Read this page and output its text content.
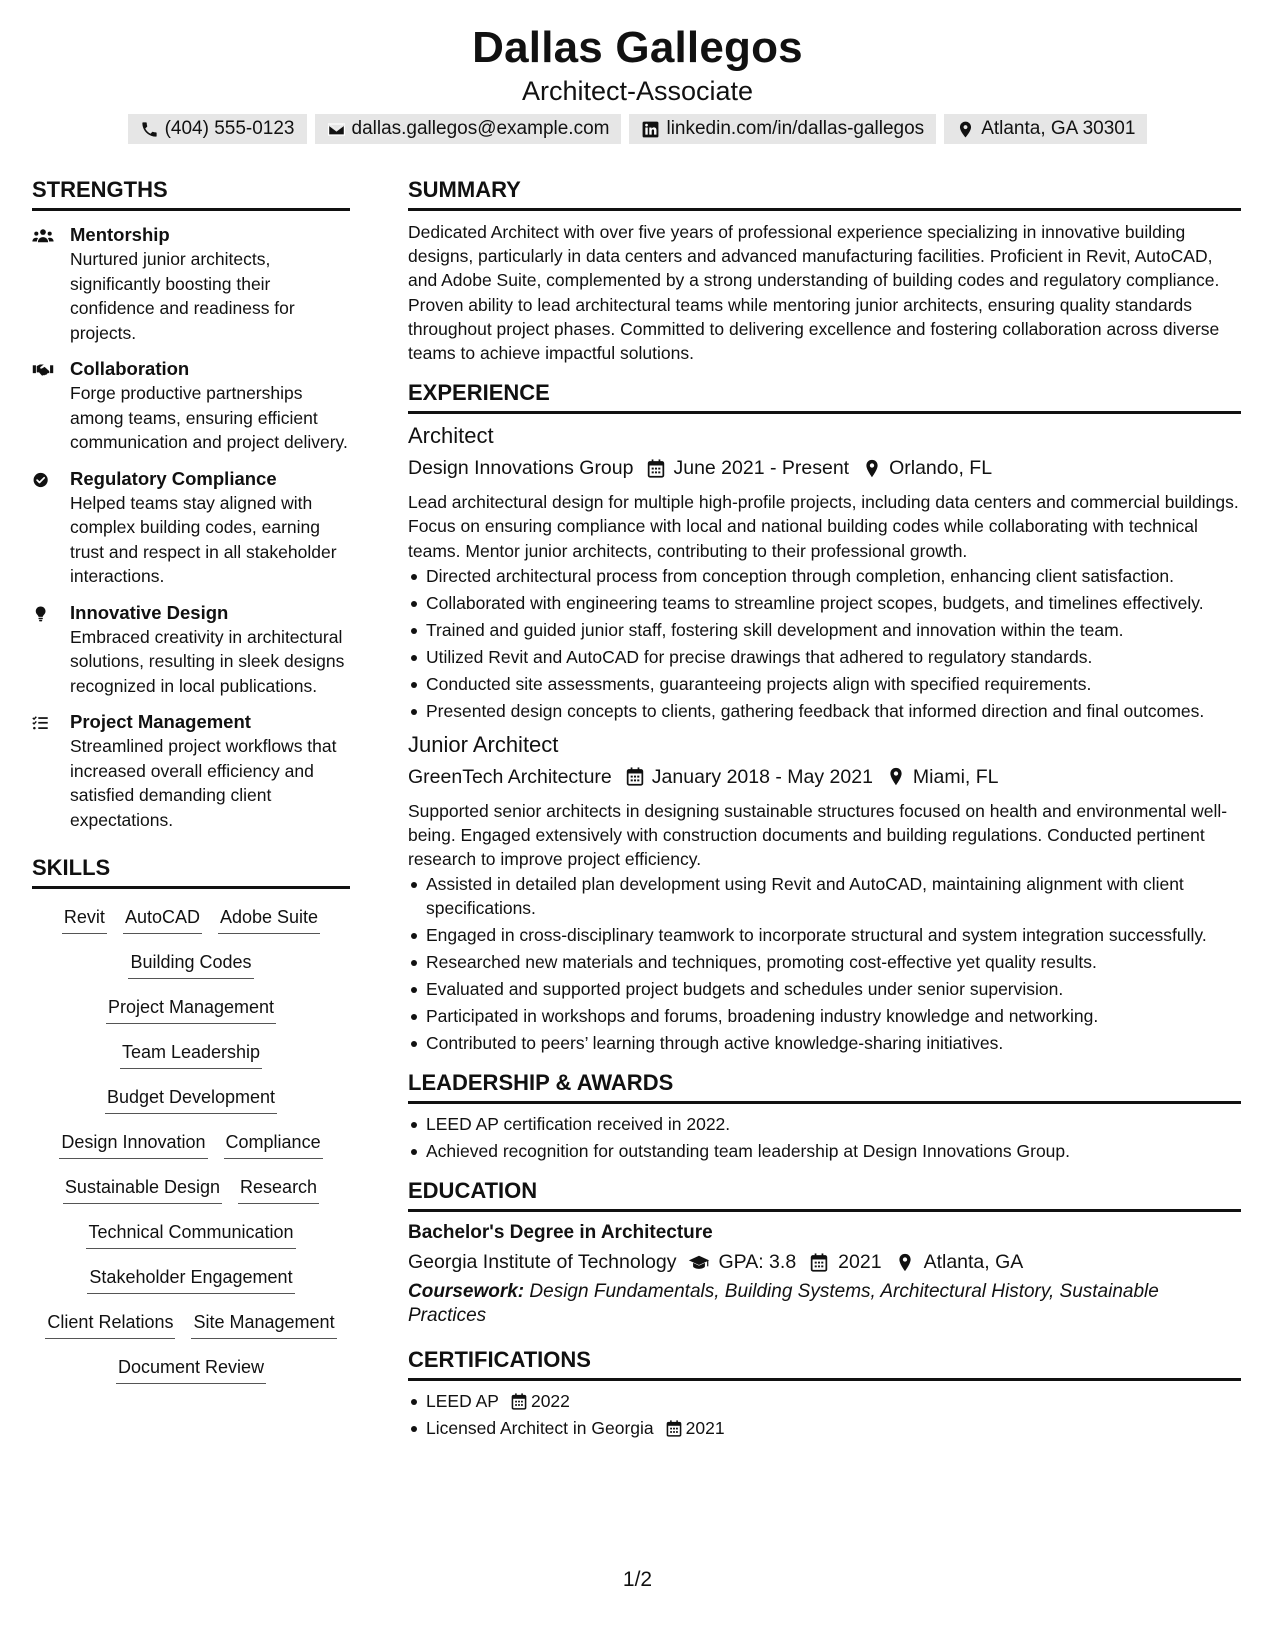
Dallas Gallegos
Architect-Associate
(404) 555-0123	dallas.gallegos@example.com	linkedin.com/in/dallas-gallegos	Atlanta, GA 30301
STRENGTHS
Mentorship
Nurtured junior architects, significantly boosting their confidence and readiness for projects.
Collaboration
Forge productive partnerships among teams, ensuring efficient communication and project delivery.
Regulatory Compliance
Helped teams stay aligned with complex building codes, earning trust and respect in all stakeholder interactions.
Innovative Design
Embraced creativity in architectural solutions, resulting in sleek designs recognized in local publications.
Project Management
Streamlined project workflows that increased overall efficiency and satisfied demanding client expectations.
SKILLS
Revit AutoCAD Adobe Suite
Building Codes
Project Management
Team Leadership
Budget Development
Design Innovation Compliance
Sustainable Design Research
Technical Communication
Stakeholder Engagement
Client Relations Site Management
Document Review
SUMMARY
Dedicated Architect with over five years of professional experience specializing in innovative building designs, particularly in data centers and advanced manufacturing facilities. Proficient in Revit, AutoCAD, and Adobe Suite, complemented by a strong understanding of building codes and regulatory compliance. Proven ability to lead architectural teams while mentoring junior architects, ensuring quality standards throughout project phases. Committed to delivering excellence and fostering collaboration across diverse teams to achieve impactful solutions.
EXPERIENCE
Architect
Design Innovations Group June 2021 - Present Orlando, FL
Lead architectural design for multiple high-profile projects, including data centers and commercial buildings. Focus on ensuring compliance with local and national building codes while collaborating with technical teams. Mentor junior architects, contributing to their professional growth.
Directed architectural process from conception through completion, enhancing client satisfaction.
Collaborated with engineering teams to streamline project scopes, budgets, and timelines effectively.
Trained and guided junior staff, fostering skill development and innovation within the team.
Utilized Revit and AutoCAD for precise drawings that adhered to regulatory standards.
Conducted site assessments, guaranteeing projects align with specified requirements.
Presented design concepts to clients, gathering feedback that informed direction and final outcomes.
Junior Architect
GreenTech Architecture January 2018 - May 2021 Miami, FL
Supported senior architects in designing sustainable structures focused on health and environmental well-being. Engaged extensively with construction documents and building regulations. Conducted pertinent research to improve project efficiency.
Assisted in detailed plan development using Revit and AutoCAD, maintaining alignment with client specifications.
Engaged in cross-disciplinary teamwork to incorporate structural and system integration successfully.
Researched new materials and techniques, promoting cost-effective yet quality results.
Evaluated and supported project budgets and schedules under senior supervision.
Participated in workshops and forums, broadening industry knowledge and networking.
Contributed to peers’ learning through active knowledge-sharing initiatives.
LEADERSHIP & AWARDS
LEED AP certification received in 2022.
Achieved recognition for outstanding team leadership at Design Innovations Group.
EDUCATION
Bachelor's Degree in Architecture
Georgia Institute of Technology GPA: 3.8 2021 Atlanta, GA
Coursework: Design Fundamentals, Building Systems, Architectural History, Sustainable Practices
CERTIFICATIONS
LEED AP 2022
Licensed Architect in Georgia 2021
1/2
